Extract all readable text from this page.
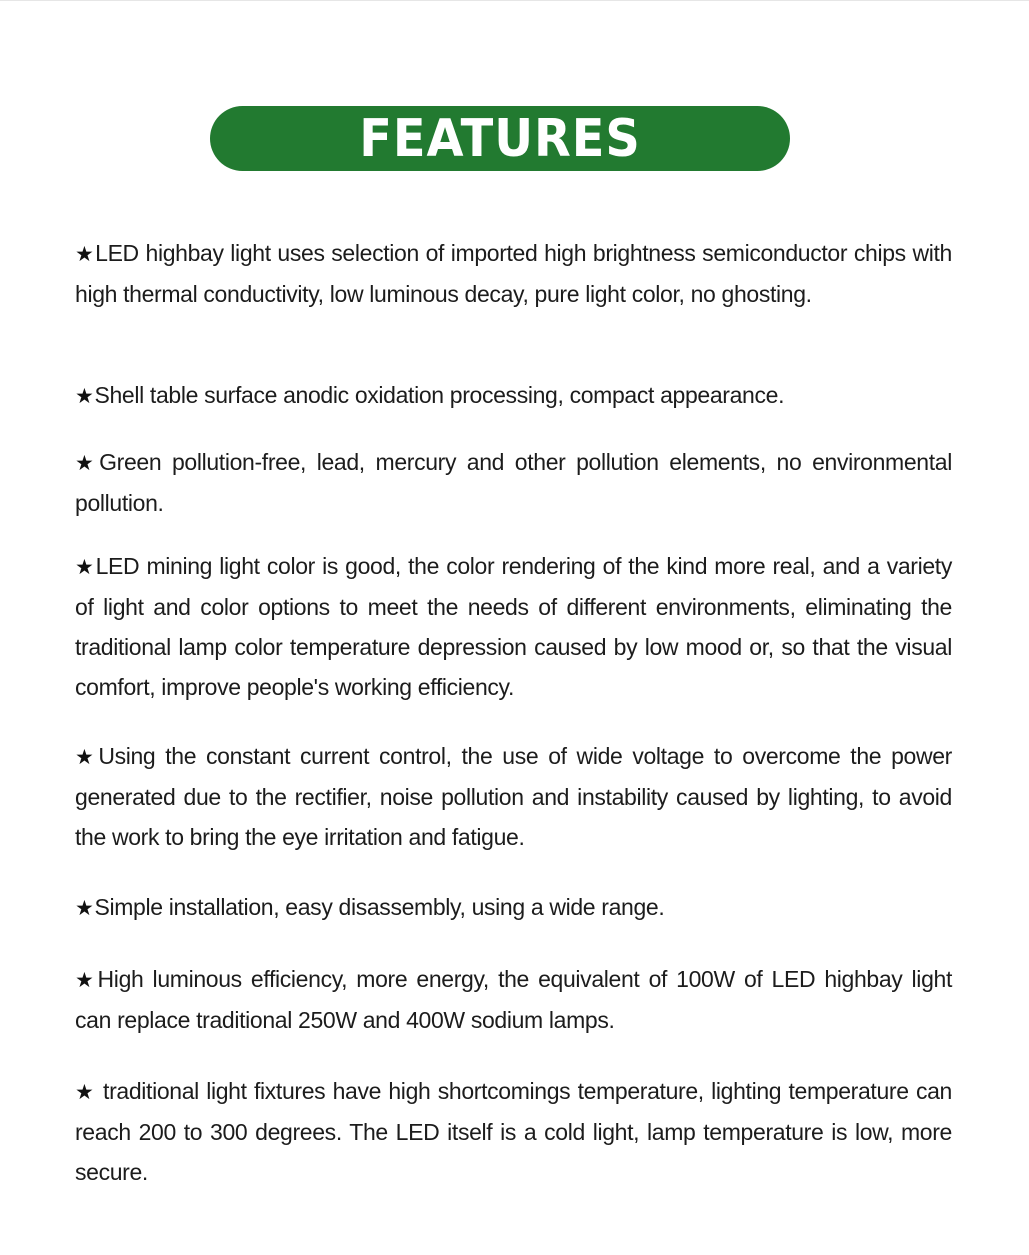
FEATURES
★LED highbay light uses selection of imported high brightness semiconductor chips with high thermal conductivity, low luminous decay, pure light color, no ghosting.
★Shell table surface anodic oxidation processing, compact appearance.
★Green pollution-free, lead, mercury and other pollution elements, no environmental pollution.
★LED mining light color is good, the color rendering of the kind more real, and a variety of light and color options to meet the needs of different environments, eliminating the traditional lamp color temperature depression caused by low mood or, so that the visual comfort, improve people's working efficiency.
★Using the constant current control, the use of wide voltage to overcome the power generated due to the rectifier, noise pollution and instability caused by lighting, to avoid the work to bring the eye irritation and fatigue.
★Simple installation, easy disassembly, using a wide range.
★High luminous efficiency, more energy, the equivalent of 100W of LED highbay light can replace traditional 250W and 400W sodium lamps.
★ traditional light fixtures have high shortcomings temperature, lighting temperature can reach 200 to 300 degrees. The LED itself is a cold light, lamp temperature is low, more secure.
